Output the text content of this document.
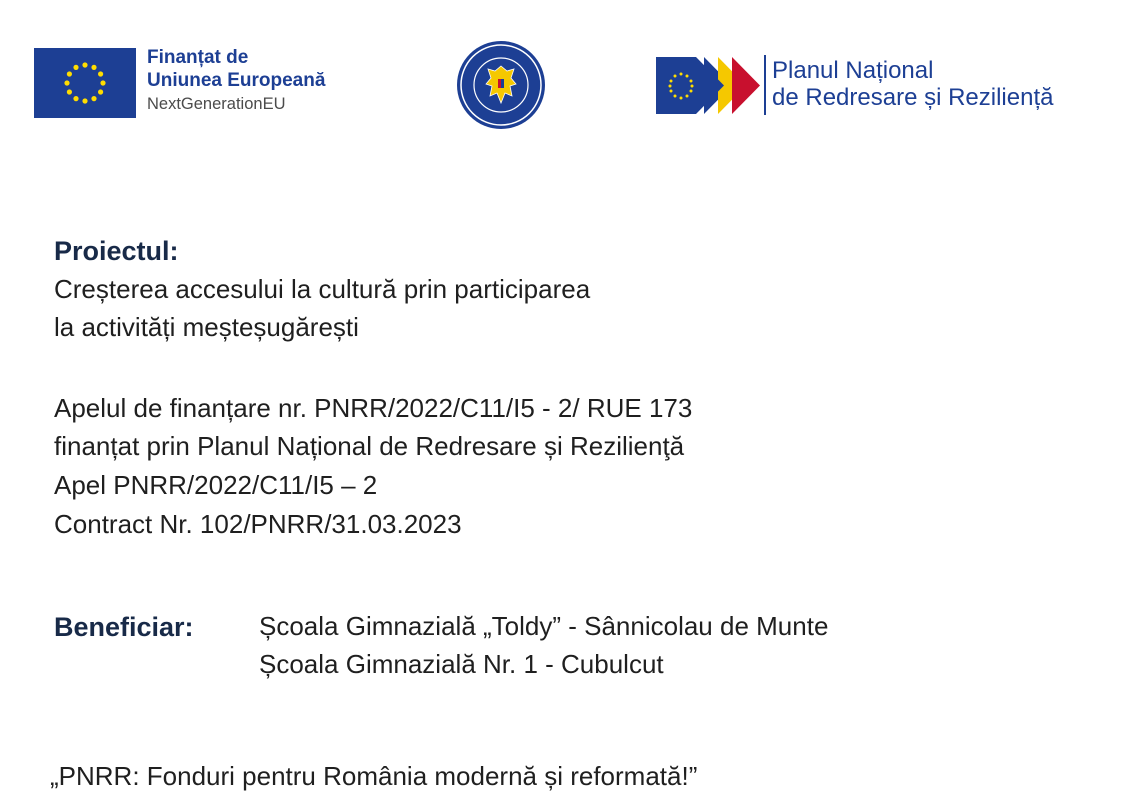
Finanțat de
Uniunea Europeană
NextGenerationEU
Planul Național
de Redresare și Reziliență
Proiectul:
Creșterea accesului la cultură prin participarea
la activități meșteșugărești
Apelul de finanțare nr. PNRR/2022/C11/I5 - 2/ RUE 173
finanțat prin Planul Național de Redresare și Rezilienţă
Apel PNRR/2022/C11/I5 – 2
Contract Nr. 102/PNRR/31.03.2023
Beneficiar:	Școala Gimnazială „Toldy” - Sânnicolau de Munte
Școala Gimnazială Nr. 1 - Cubulcut
„PNRR: Fonduri pentru România modernă și reformată!”
